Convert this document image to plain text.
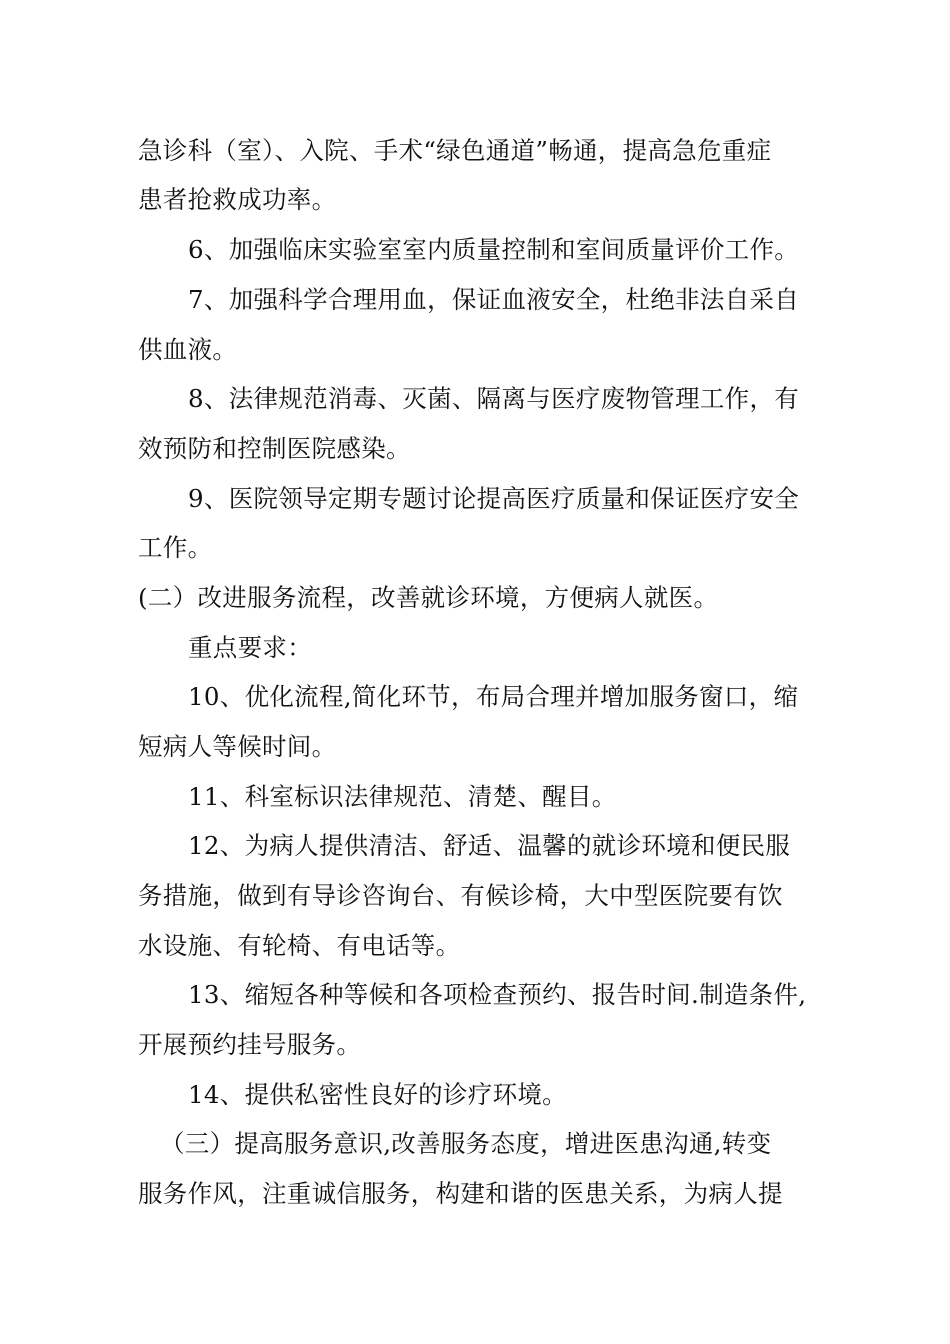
急诊科（室）、入院、手术“绿色通道”畅通，提高急危重症
患者抢救成功率。
6、加强临床实验室室内质量控制和室间质量评价工作。
7、加强科学合理用血，保证血液安全，杜绝非法自采自
供血液。
8、法律规范消毒、灭菌、隔离与医疗废物管理工作，有
效预防和控制医院感染。
9、医院领导定期专题讨论提高医疗质量和保证医疗安全
工作。
(二）改进服务流程，改善就诊环境，方便病人就医。
重点要求：
10、优化流程,简化环节，布局合理并增加服务窗口，缩
短病人等候时间。
11、科室标识法律规范、清楚、醒目。
12、为病人提供清洁、舒适、温馨的就诊环境和便民服
务措施，做到有导诊咨询台、有候诊椅，大中型医院要有饮
水设施、有轮椅、有电话等。
13、缩短各种等候和各项检查预约、报告时间.制造条件,
开展预约挂号服务。
14、提供私密性良好的诊疗环境。
（三）提高服务意识,改善服务态度，增进医患沟通,转变
服务作风，注重诚信服务，构建和谐的医患关系，为病人提
